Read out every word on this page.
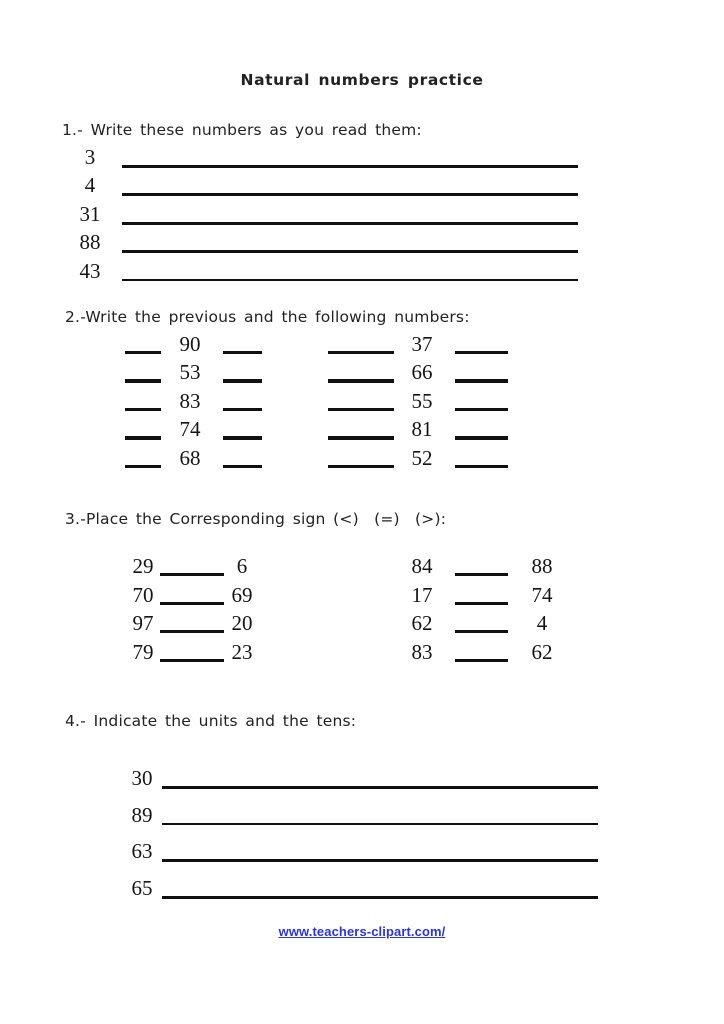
Natural numbers practice
1.- Write these numbers as you read them:
3
4
31
88
43
2.-Write the previous and the following numbers:
90	37
53	66
83	55
74	81
68	52
3.-Place the Corresponding sign (<)  (=)  (>):
29	6	84	88
70	69	17	74
97	20	62	4
79	23	83	62
4.- Indicate the units and the tens:
30
89
63
65
www.teachers-clipart.com/
